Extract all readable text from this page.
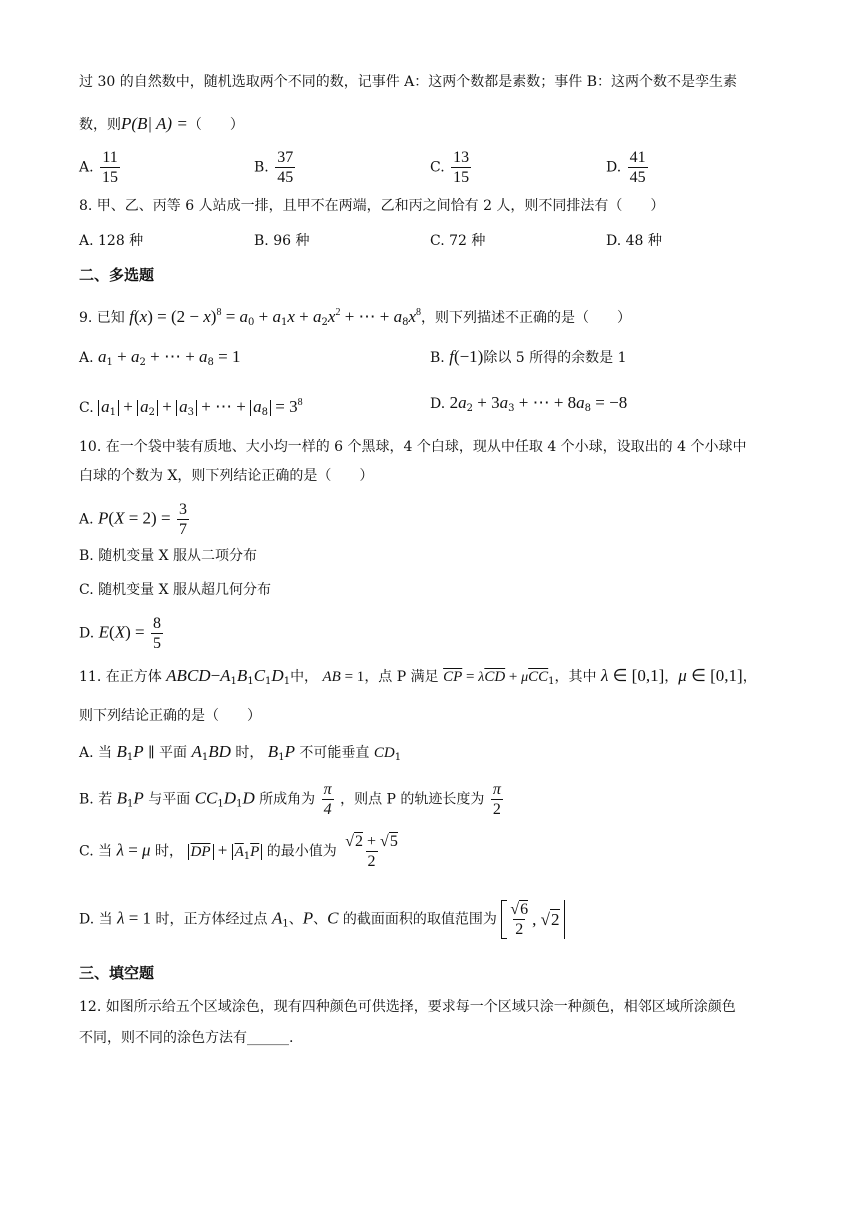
过 30 的自然数中，随机选取两个不同的数，记事件 A：这两个数都是素数；事件 B：这两个数不是孪生素
数，则P(B| A) =（　　）
A. $\frac{11}{15}$	B. $\frac{37}{45}$	C. $\frac{13}{15}$	D. $\frac{41}{45}$
8. 甲、乙、丙等 6 人站成一排，且甲不在两端，乙和丙之间恰有 2 人，则不同排法有（　　）
A. 128 种	B. 96 种	C. 72 种	D. 48 种
二、多选题
9. 已知 $f(x) = (2 - x)^8 = a_0 + a_1x + a_2x^2$ + ⋯ + $a_8x^8$，则下列描述不正确的是（　　）
A. $a_1 + a_2$ + ⋯ + $a_8 = 1$	B. f(−1)除以 5 所得的余数是 1
C. $a_1 + a_2 + a_3$ + ⋯ + $a_8 = 3^8$	D. $2a_2 + 3a_3$ + ⋯ + $8a_8 = -8$
10. 在一个袋中装有质地、大小均一样的 6 个黑球，4 个白球，现从中任取 4 个小球，设取出的 4 个小球中
白球的个数为 X，则下列结论正确的是（　　）
A. $P(X = 2) = \frac{3}{7}$
B. 随机变量 X 服从二项分布
C. 随机变量 X 服从超几何分布
D. $E(X) = \frac{8}{5}$
11. 在正方体 $ABCD-A_1B_1C_1D_1$中， AB = 1，点 P 满足 $\overline{CP} = \lambda\overline{CD} + \mu\overline{CC}_1$，其中 λ ∈ [0,1]，μ ∈ [0,1]，
则下列结论正确的是（　　）
A. 当 $B_1P$ ∥ 平面 $A_1BD$ 时， $B_1P$ 不可能垂直 $CD_1$
B. 若 $B_1P$ 与平面 $CC_1D_1D$ 所成角为 $\frac{\pi}{4}$ ，则点 P 的轨迹长度为 $\frac{\pi}{2}$
C. 当 λ = μ 时， $\overline{DP} + \overline{A}_1\overline{P}$ 的最小值为 $\frac{√2 + √5}{2}$
D. 当 λ = 1 时，正方体经过点 $A_1$、P、C 的截面面积的取值范围为 $\frac{√6}{2}$ , √2
三、填空题
12. 如图所示给五个区域涂色，现有四种颜色可供选择，要求每一个区域只涂一种颜色，相邻区域所涂颜色
不同，则不同的涂色方法有______.
